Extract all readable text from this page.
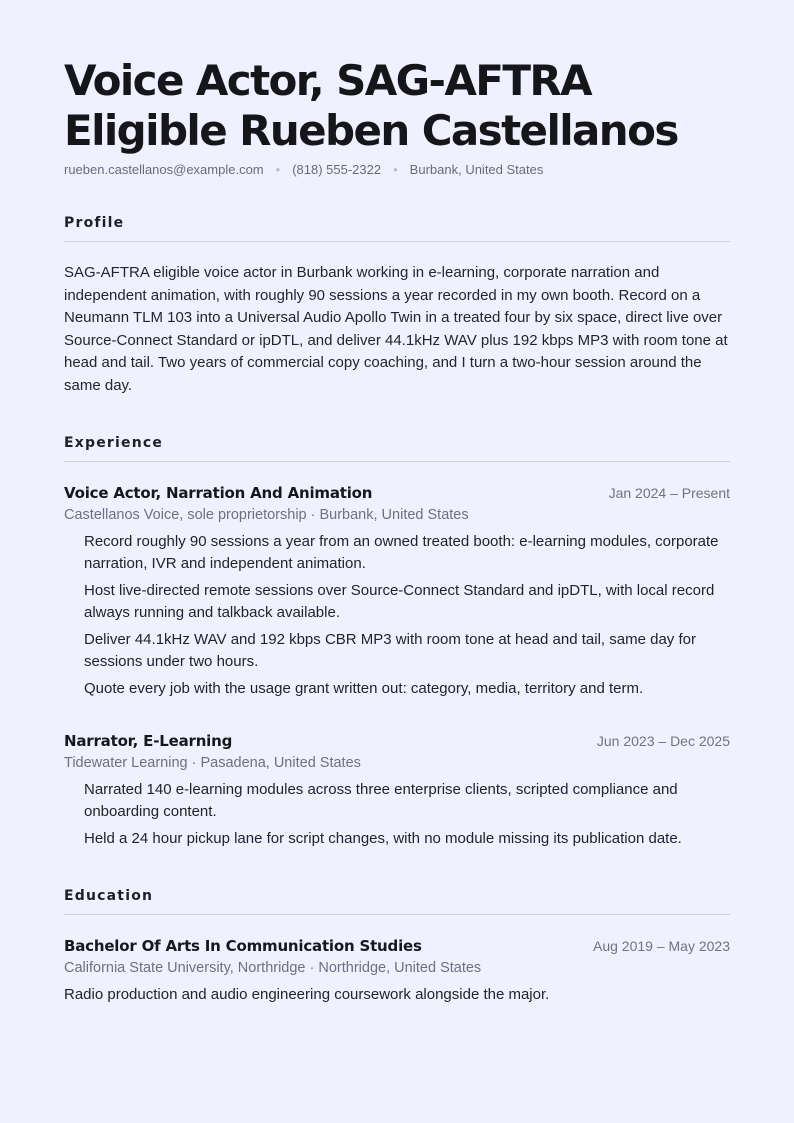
Voice Actor, SAG-AFTRA Eligible Rueben Castellanos
rueben.castellanos@example.com • (818) 555-2322 • Burbank, United States
Profile
SAG-AFTRA eligible voice actor in Burbank working in e-learning, corporate narration and independent animation, with roughly 90 sessions a year recorded in my own booth. Record on a Neumann TLM 103 into a Universal Audio Apollo Twin in a treated four by six space, direct live over Source-Connect Standard or ipDTL, and deliver 44.1kHz WAV plus 192 kbps MP3 with room tone at head and tail. Two years of commercial copy coaching, and I turn a two-hour session around the same day.
Experience
Voice Actor, Narration And Animation	Jan 2024 – Present
Castellanos Voice, sole proprietorship · Burbank, United States
Record roughly 90 sessions a year from an owned treated booth: e-learning modules, corporate narration, IVR and independent animation.
Host live-directed remote sessions over Source-Connect Standard and ipDTL, with local record always running and talkback available.
Deliver 44.1kHz WAV and 192 kbps CBR MP3 with room tone at head and tail, same day for sessions under two hours.
Quote every job with the usage grant written out: category, media, territory and term.
Narrator, E-Learning	Jun 2023 – Dec 2025
Tidewater Learning · Pasadena, United States
Narrated 140 e-learning modules across three enterprise clients, scripted compliance and onboarding content.
Held a 24 hour pickup lane for script changes, with no module missing its publication date.
Education
Bachelor Of Arts In Communication Studies	Aug 2019 – May 2023
California State University, Northridge · Northridge, United States
Radio production and audio engineering coursework alongside the major.
